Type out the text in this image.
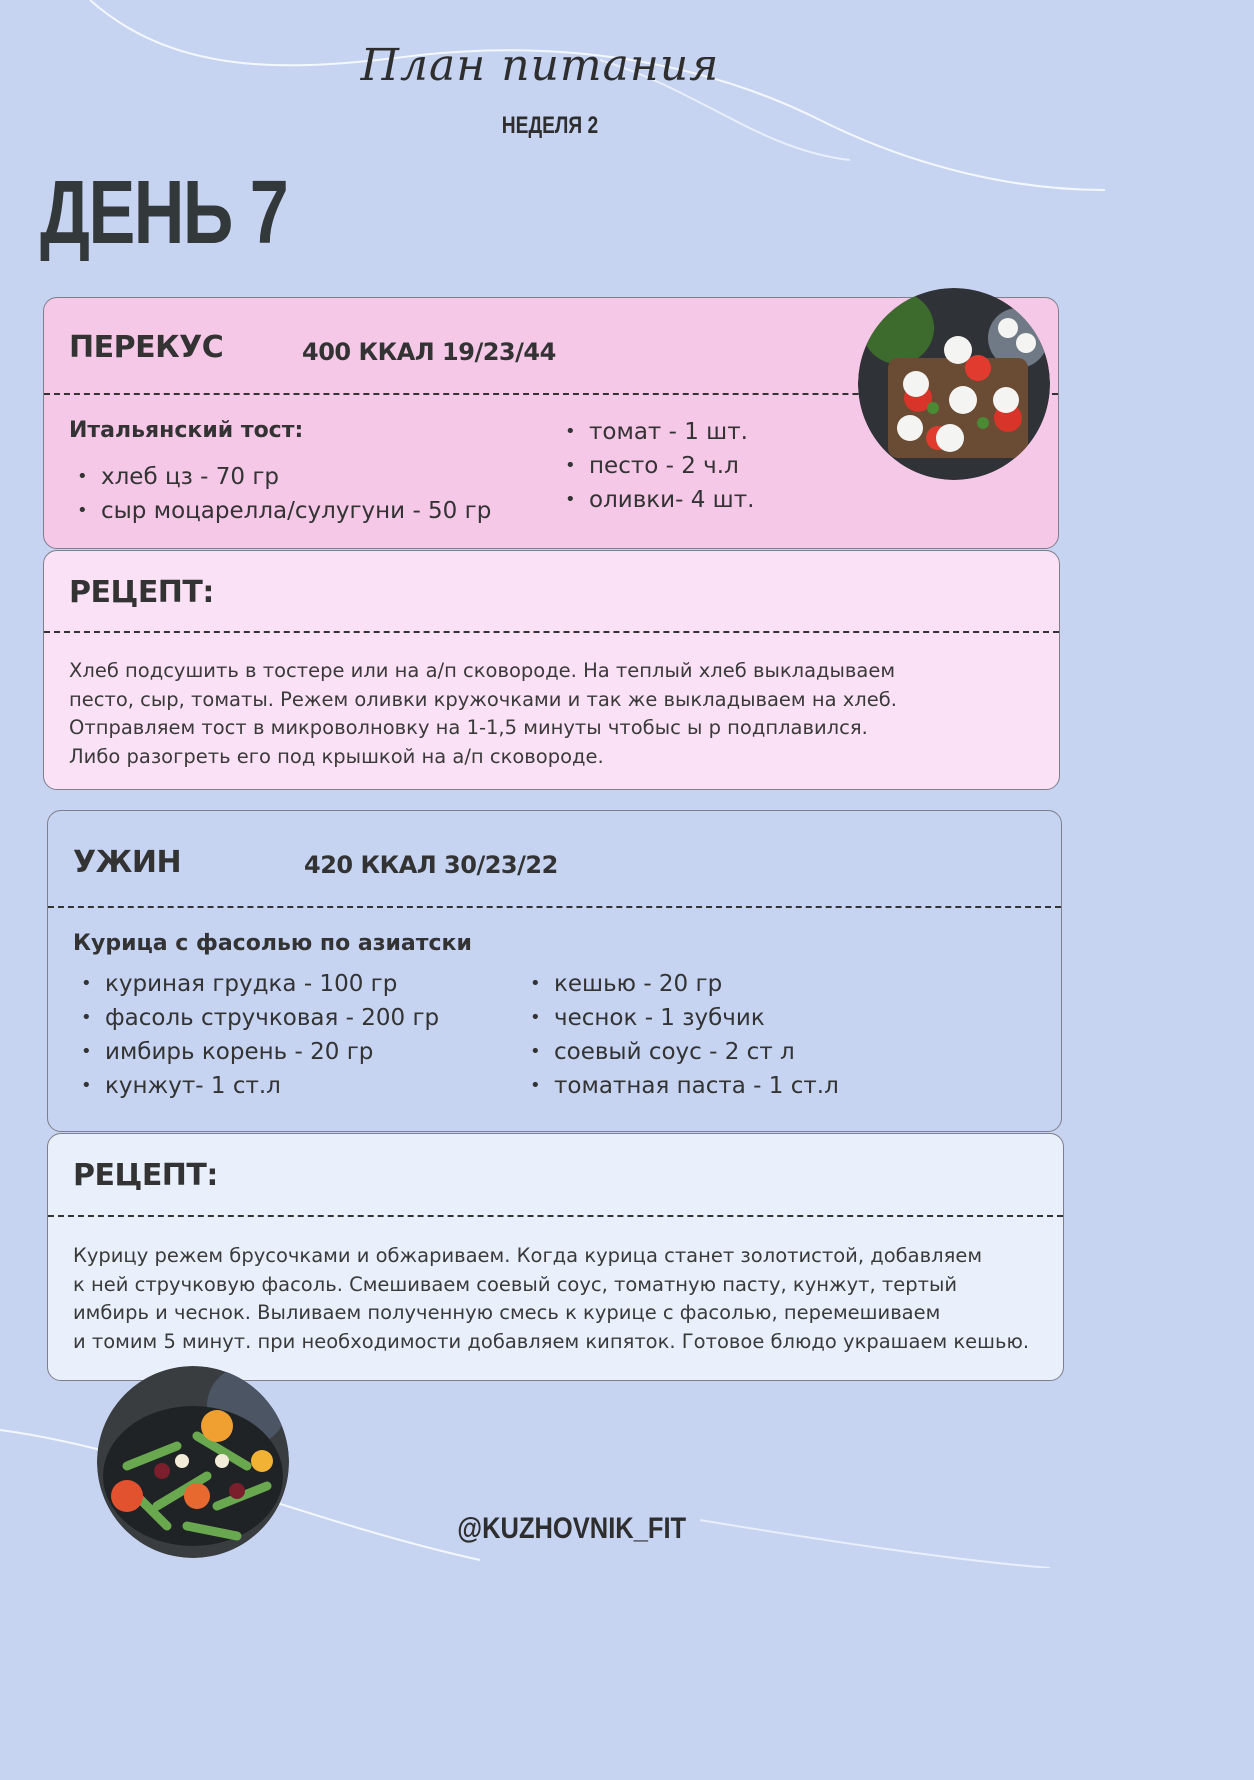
План питания
НЕДЕЛЯ 2
ДЕНЬ 7
ПЕРЕКУС	400 ККАЛ 19/23/44
Итальянский тост:
• хлеб цз - 70 гр
• сыр моцарелла/сулугуни - 50 гр
• томат - 1 шт.
• песто - 2 ч.л
• оливки- 4 шт.
РЕЦЕПТ:
Хлеб подсушить в тостере или на а/п сковороде. На теплый хлеб выкладываем
песто, сыр, томаты. Режем оливки кружочками и так же выкладываем на хлеб.
Отправляем тост в микроволновку на 1-1,5 минуты чтобыс ы р подплавился.
Либо разогреть его под крышкой на а/п сковороде.
УЖИН	420 ККАЛ 30/23/22
Курица с фасолью по азиатски
• куриная грудка - 100 гр
• фасоль стручковая - 200 гр
• имбирь корень - 20 гр
• кунжут- 1 ст.л
• кешью - 20 гр
• чеснок - 1 зубчик
• соевый соус - 2 ст л
• томатная паста - 1 ст.л
РЕЦЕПТ:
Курицу режем брусочками и обжариваем. Когда курица станет золотистой, добавляем
к ней стручковую фасоль. Смешиваем соевый соус, томатную пасту, кунжут, тертый
имбирь и чеснок. Выливаем полученную смесь к курице с фасолью, перемешиваем
и томим 5 минут. при необходимости добавляем кипяток. Готовое блюдо украшаем кешью.
@KUZHOVNIK_FIT
